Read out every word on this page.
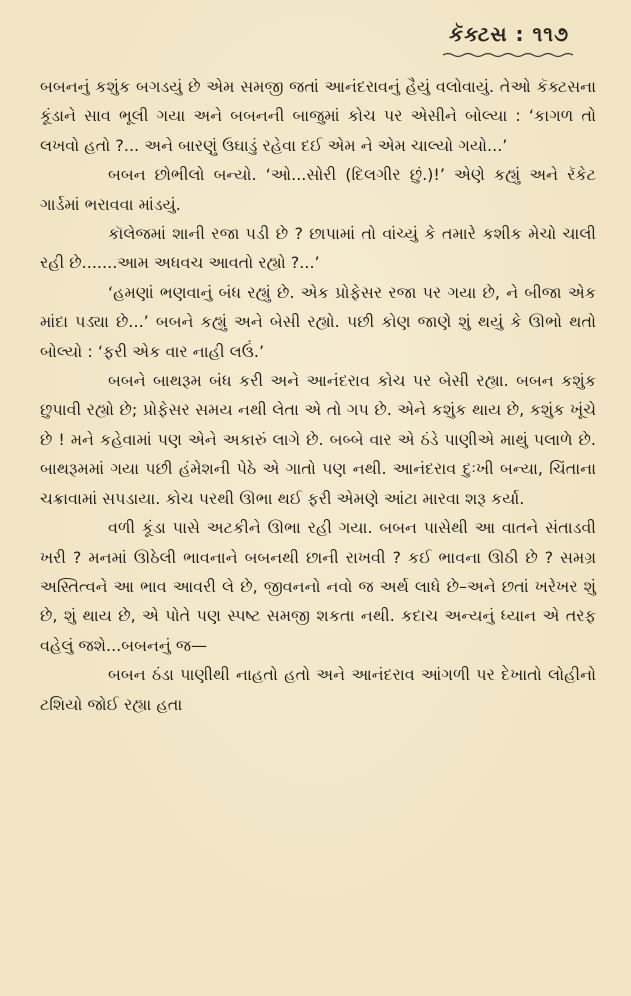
કૅક્ટસ : ૧૧૭

બબનનું કશુંક બગડયું છે એમ સમજી જતાં આનંદરાવનું હૈયું વલોવાયું. તેઓ કૅક્ટસના કૂંડાને સાવ ભૂલી ગયા અને બબનની બાજુમાં કોચ પર એસીને બોલ્યા : ‘કાગળ તો લખવો હતો ?... અને બારણું ઉઘાડું રહેવા દઈ એમ ને એમ ચાલ્યો ગયો...’

બબન છોભીલો બન્યો. ‘ઓ...સોરી (દિલગીર છું.)!’ એણે કહ્યું અને રૅકેટ ગાર્ડમાં ભરાવવા માંડયું.

કૉલેજમાં શાની રજા પડી છે ? છાપામાં તો વાંચ્યું કે તમારે કશીક મેચો ચાલી રહી છે.......આમ અધવચ આવતો રહ્યો ?...’

‘હમણાં ભણવાનું બંધ રહ્યું છે. એક પ્રોફેસર રજા પર ગયા છે, ને બીજા એક માંદા પડ્યા છે...’ બબને કહ્યું અને બેસી રહ્યો. પછી કોણ જાણે શું થયું કે ઊભો થતો બોલ્યો : ‘ફરી એક વાર નાહી લઉં.’

બબને બાથરૂમ બંધ કરી અને આનંદરાવ કોચ પર બેસી રહ્યા. બબન કશુંક છુપાવી રહ્યો છે; પ્રોફેસર સમય નથી લેતા એ તો ગપ છે. એને કશુંક થાય છે, કશુંક ખૂંચે છે ! મને કહેવામાં પણ એને અકારું લાગે છે. બબ્બે વાર એ ઠંડે પાણીએ માથું પલાળે છે. બાથરૂમમાં ગયા પછી હંમેશની પેઠે એ ગાતો પણ નથી. આનંદરાવ દુઃખી બન્યા, ચિંતાના ચક્રાવામાં સપડાયા. કોચ પરથી ઊભા થઈ ફરી એમણે આંટા મારવા શરૂ કર્યા.

વળી કૂંડા પાસે અટકીને ઊભા રહી ગયા. બબન પાસેથી આ વાતને સંતાડવી ખરી ? મનમાં ઊઠેલી ભાવનાને બબનથી છાની રાખવી ? કઈ ભાવના ઊઠી છે ? સમગ્ર અસ્તિત્વને આ ભાવ આવરી લે છે, જીવનનો નવો જ અર્થ લાધે છે–અને છતાં ખરેખર શું છે, શું થાય છે, એ પોતે પણ સ્પષ્ટ સમજી શકતા નથી. કદાચ અન્યનું ધ્યાન એ તરફ વહેલું જશે...બબનનું જ—

બબન ઠંડા પાણીથી નાહતો હતો અને આનંદરાવ આંગળી પર દેખાતો લોહીનો ટશિયો જોઈ રહ્યા હતા
